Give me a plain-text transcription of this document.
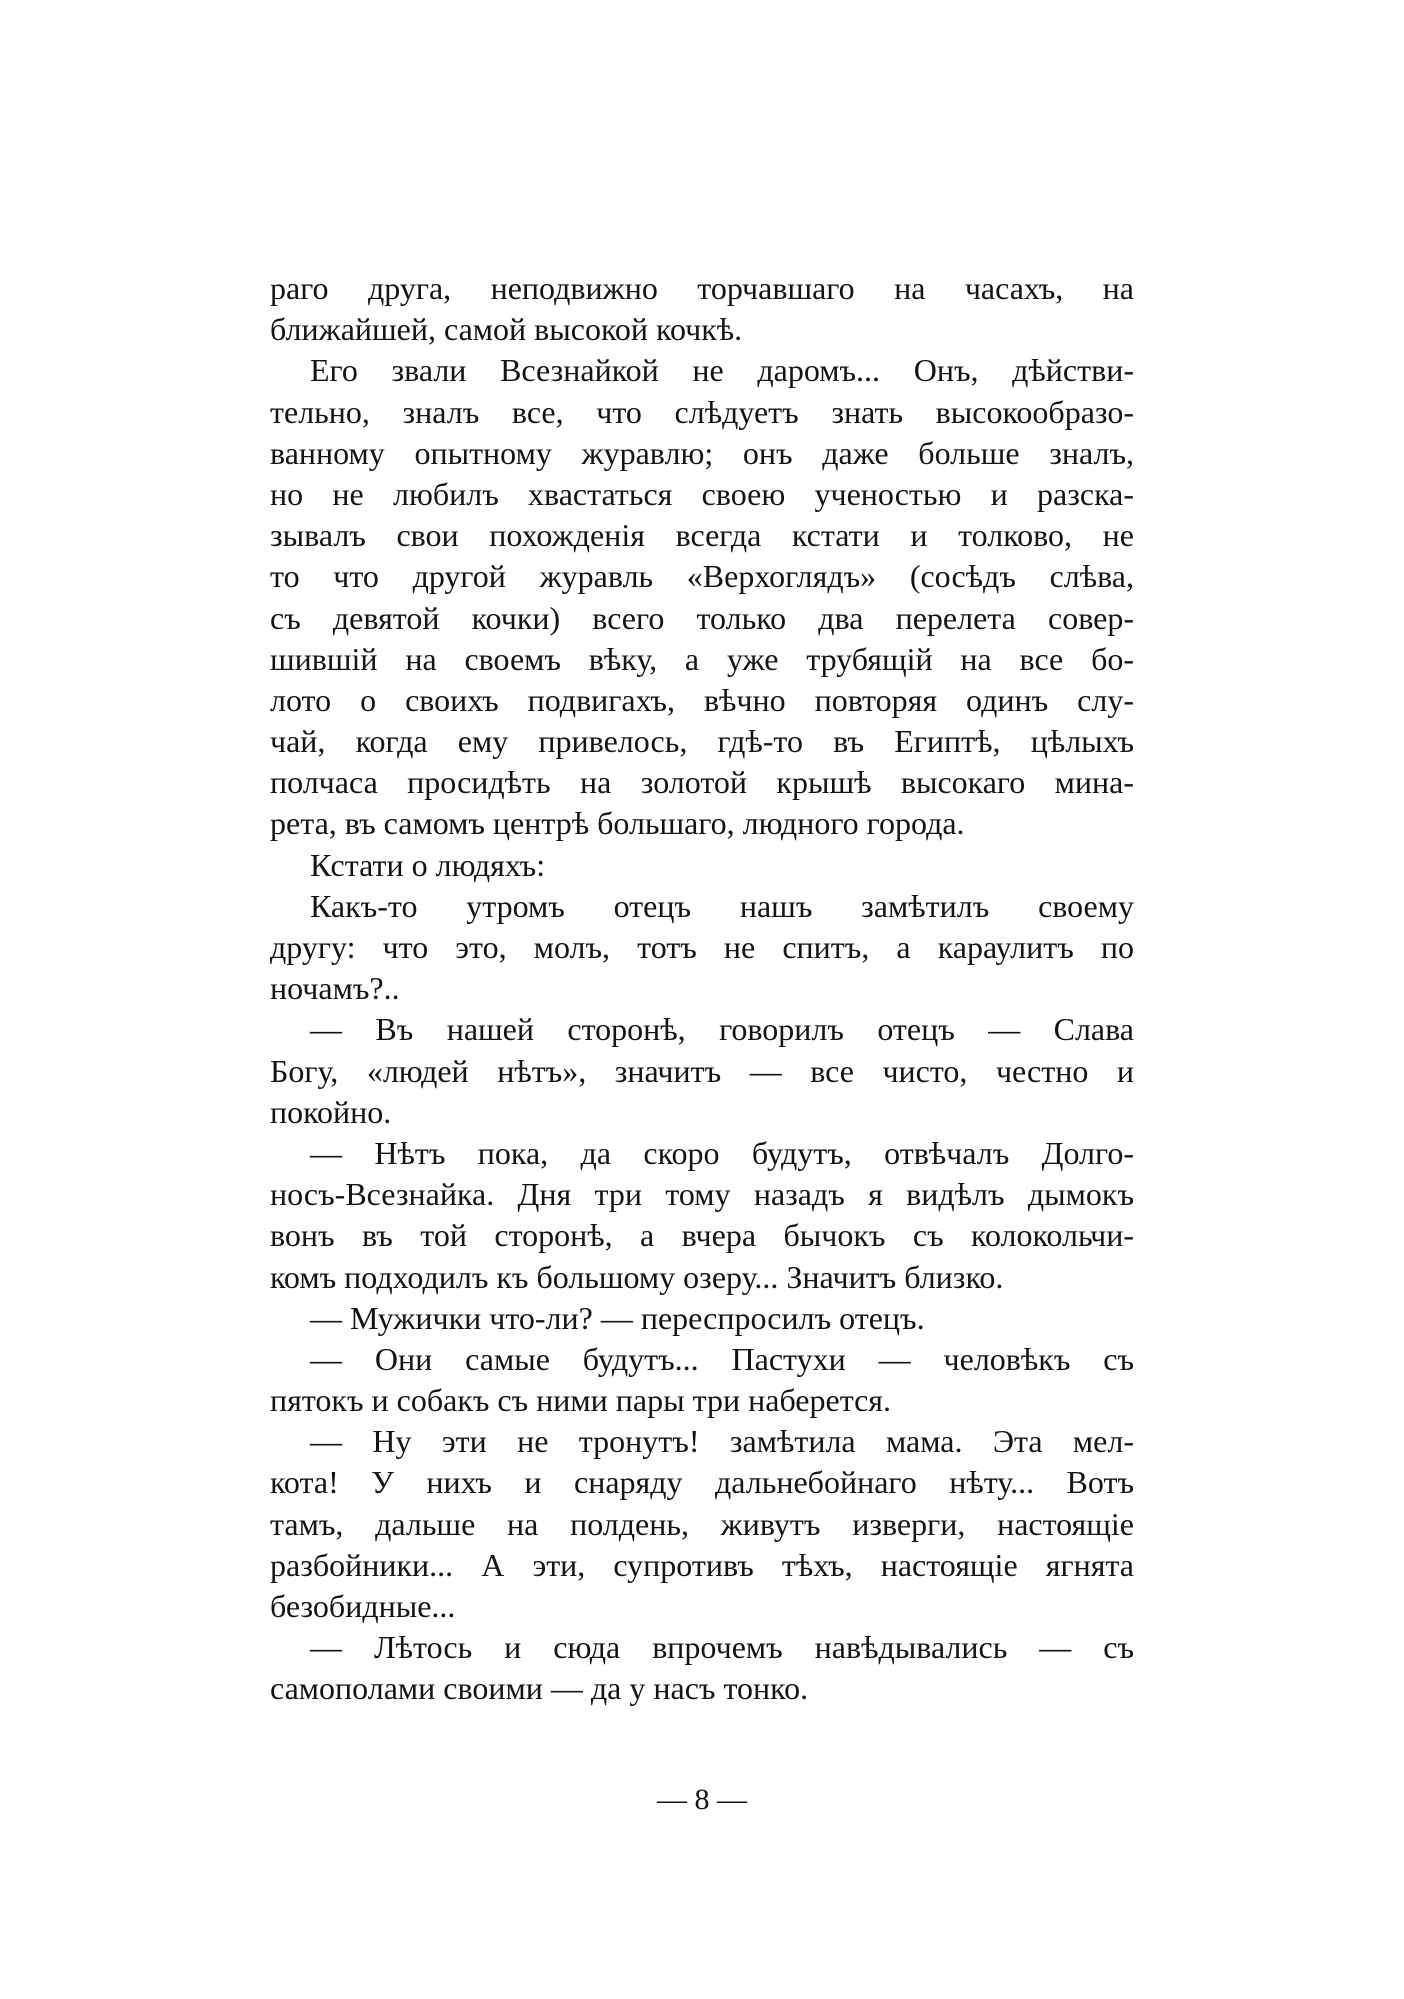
раго друга, неподвижно торчавшаго на часахъ, на
ближайшей, самой высокой кочкѣ.
Его звали Всезнайкой не даромъ... Онъ, дѣйстви-
тельно, зналъ все, что слѣдуетъ знать высокообразо-
ванному опытному журавлю; онъ даже больше зналъ,
но не любилъ хвастаться своею ученостью и разска-
зывалъ свои похожденія всегда кстати и толково, не
то что другой журавль «Верхоглядъ» (сосѣдъ слѣва,
съ девятой кочки) всего только два перелета совер-
шившій на своемъ вѣку, а уже трубящій на все бо-
лото о своихъ подвигахъ, вѣчно повторяя одинъ слу-
чай, когда ему привелось, гдѣ-то въ Египтѣ, цѣлыхъ
полчаса просидѣть на золотой крышѣ высокаго мина-
рета, въ самомъ центрѣ большаго, людного города.
Кстати о людяхъ:
Какъ-то утромъ отецъ нашъ замѣтилъ своему
другу: что это, молъ, тотъ не спитъ, а караулитъ по
ночамъ?..
— Въ нашей сторонѣ, говорилъ отецъ — Слава
Богу, «людей нѣтъ», значитъ — все чисто, честно и
покойно.
— Нѣтъ пока, да скоро будутъ, отвѣчалъ Долго-
носъ-Всезнайка. Дня три тому назадъ я видѣлъ дымокъ
вонъ въ той сторонѣ, а вчера бычокъ съ колокольчи-
комъ подходилъ къ большому озеру... Значитъ близко.
— Мужички что-ли? — переспросилъ отецъ.
— Они самые будутъ... Пастухи — человѣкъ съ
пятокъ и собакъ съ ними пары три наберется.
— Ну эти не тронутъ! замѣтила мама. Эта мел-
кота! У нихъ и снаряду дальнебойнаго нѣту... Вотъ
тамъ, дальше на полдень, живутъ изверги, настоящіе
разбойники... А эти, супротивъ тѣхъ, настоящіе ягнята
безобидные...
— Лѣтось и сюда впрочемъ навѣдывались — съ
самополами своими — да у насъ тонко.
— 8 —
